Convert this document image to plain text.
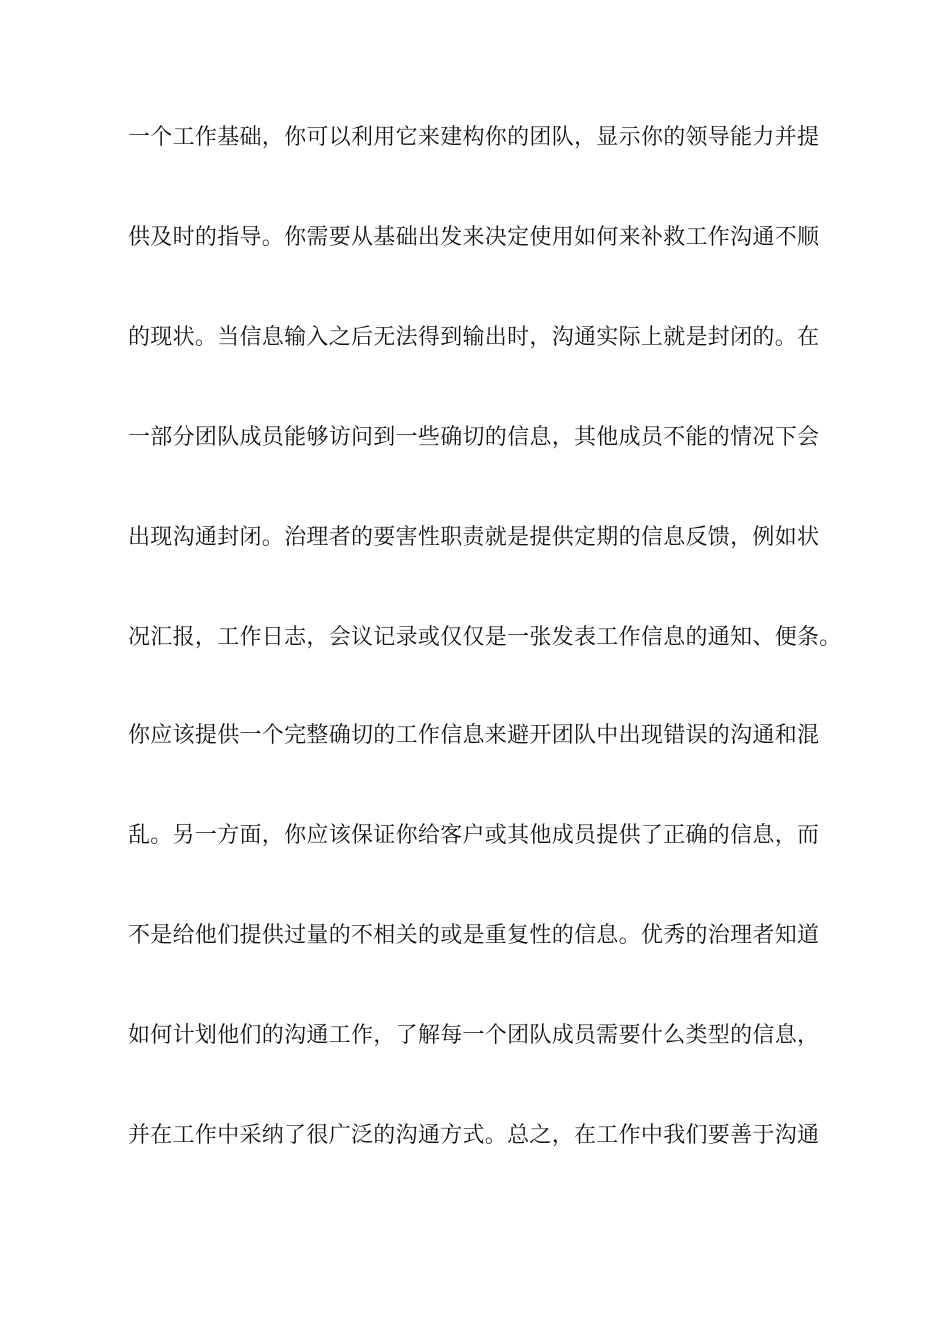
一个工作基础，你可以利用它来建构你的团队，显示你的领导能力并提
供及时的指导。你需要从基础出发来决定使用如何来补救工作沟通不顺
的现状。当信息输入之后无法得到输出时，沟通实际上就是封闭的。在
一部分团队成员能够访问到一些确切的信息，其他成员不能的情况下会
出现沟通封闭。治理者的要害性职责就是提供定期的信息反馈，例如状
况汇报，工作日志，会议记录或仅仅是一张发表工作信息的通知、便条。
你应该提供一个完整确切的工作信息来避开团队中出现错误的沟通和混
乱。另一方面，你应该保证你给客户或其他成员提供了正确的信息，而
不是给他们提供过量的不相关的或是重复性的信息。优秀的治理者知道
如何计划他们的沟通工作，了解每一个团队成员需要什么类型的信息，
并在工作中采纳了很广泛的沟通方式。总之，在工作中我们要善于沟通
